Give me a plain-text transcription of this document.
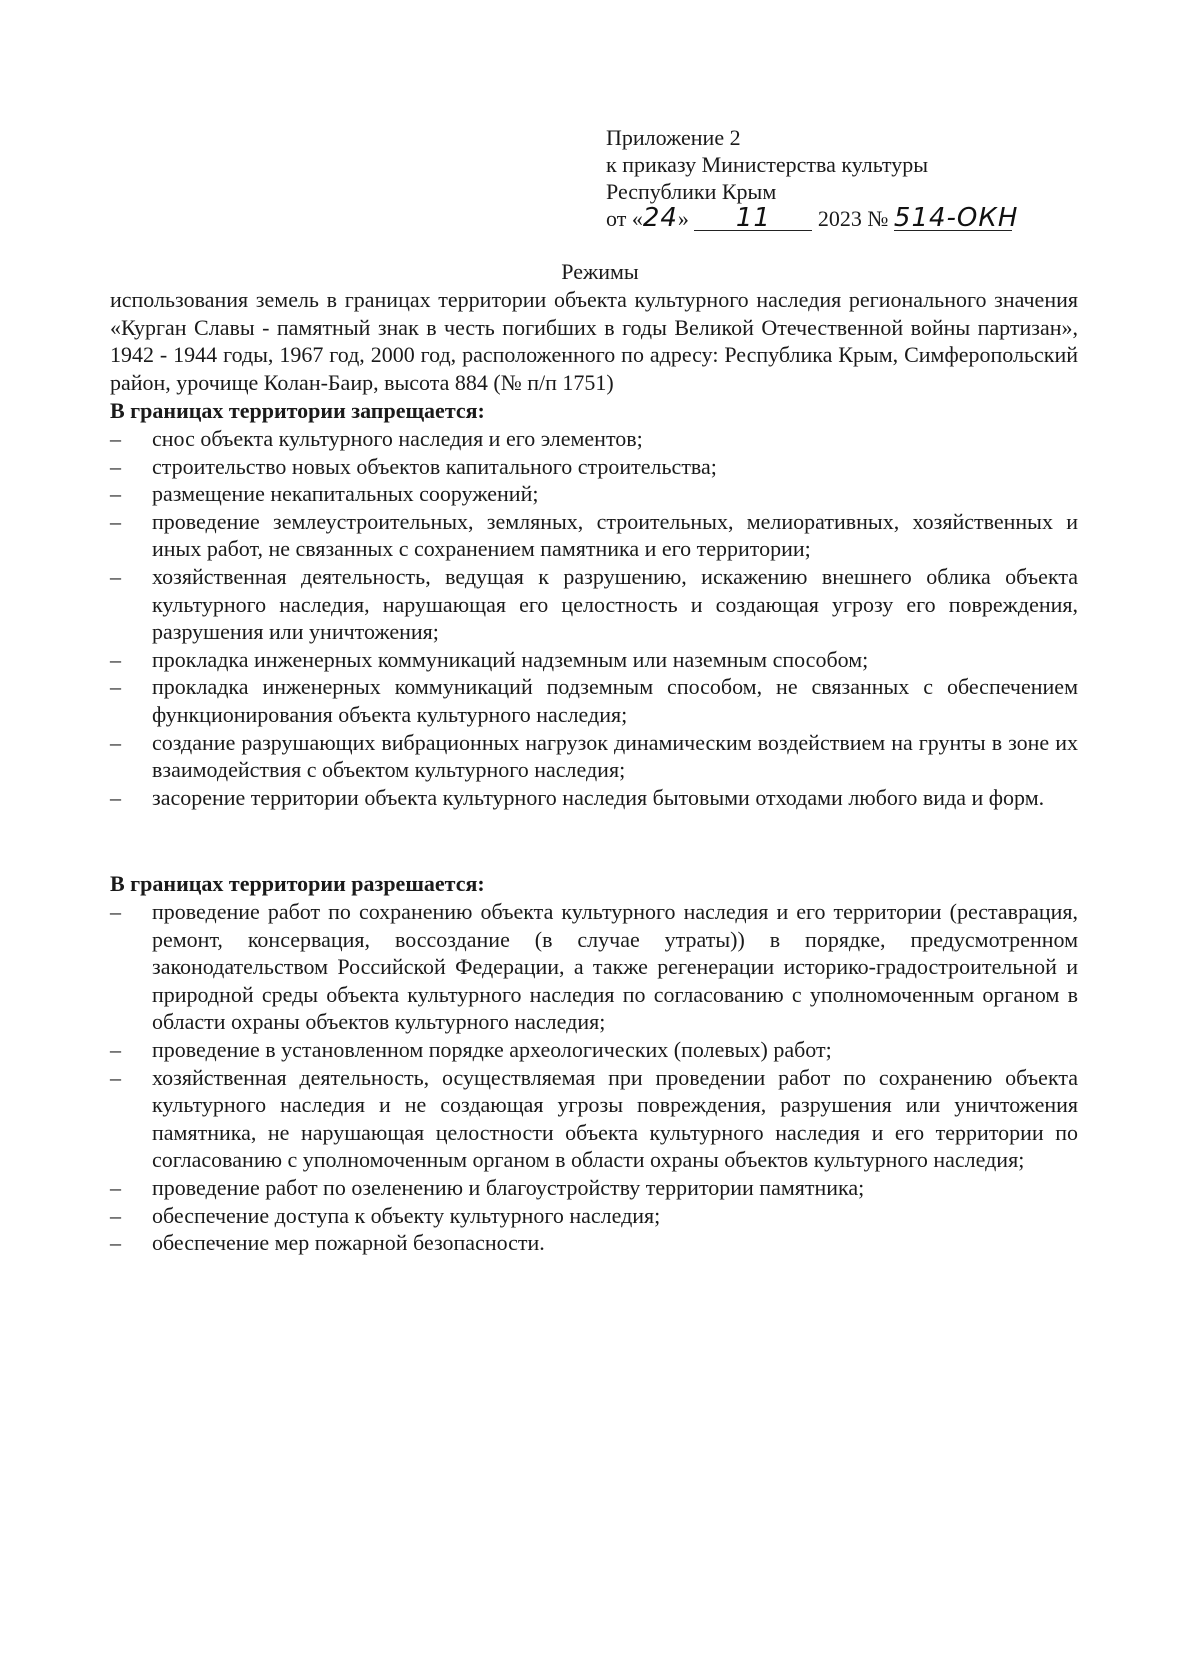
Приложение 2
к приказу Министерства культуры
Республики Крым
от «24» 11 2023 № 514-ОКН
Режимы
использования земель в границах территории объекта культурного наследия регионального значения «Курган Славы - памятный знак в честь погибших в годы Великой Отечественной войны партизан», 1942 - 1944 годы, 1967 год, 2000 год, расположенного по адресу: Республика Крым, Симферопольский район, урочище Колан-Баир, высота 884 (№ п/п 1751)
В границах территории запрещается:
–	снос объекта культурного наследия и его элементов;
–	строительство новых объектов капитального строительства;
–	размещение некапитальных сооружений;
–	проведение землеустроительных, земляных, строительных, мелиоративных, хозяйственных и иных работ, не связанных с сохранением памятника и его территории;
–	хозяйственная деятельность, ведущая к разрушению, искажению внешнего облика объекта культурного наследия, нарушающая его целостность и создающая угрозу его повреждения, разрушения или уничтожения;
–	прокладка инженерных коммуникаций надземным или наземным способом;
–	прокладка инженерных коммуникаций подземным способом, не связанных с обеспечением функционирования объекта культурного наследия;
–	создание разрушающих вибрационных нагрузок динамическим воздействием на грунты в зоне их взаимодействия с объектом культурного наследия;
–	засорение территории объекта культурного наследия бытовыми отходами любого вида и форм.
В границах территории разрешается:
–	проведение работ по сохранению объекта культурного наследия и его территории (реставрация, ремонт, консервация, воссоздание (в случае утраты)) в порядке, предусмотренном законодательством Российской Федерации, а также регенерации историко-градостроительной и природной среды объекта культурного наследия по согласованию с уполномоченным органом в области охраны объектов культурного наследия;
–	проведение в установленном порядке археологических (полевых) работ;
–	хозяйственная деятельность, осуществляемая при проведении работ по сохранению объекта культурного наследия и не создающая угрозы повреждения, разрушения или уничтожения памятника, не нарушающая целостности объекта культурного наследия и его территории по согласованию с уполномоченным органом в области охраны объектов культурного наследия;
–	проведение работ по озеленению и благоустройству территории памятника;
–	обеспечение доступа к объекту культурного наследия;
–	обеспечение мер пожарной безопасности.
